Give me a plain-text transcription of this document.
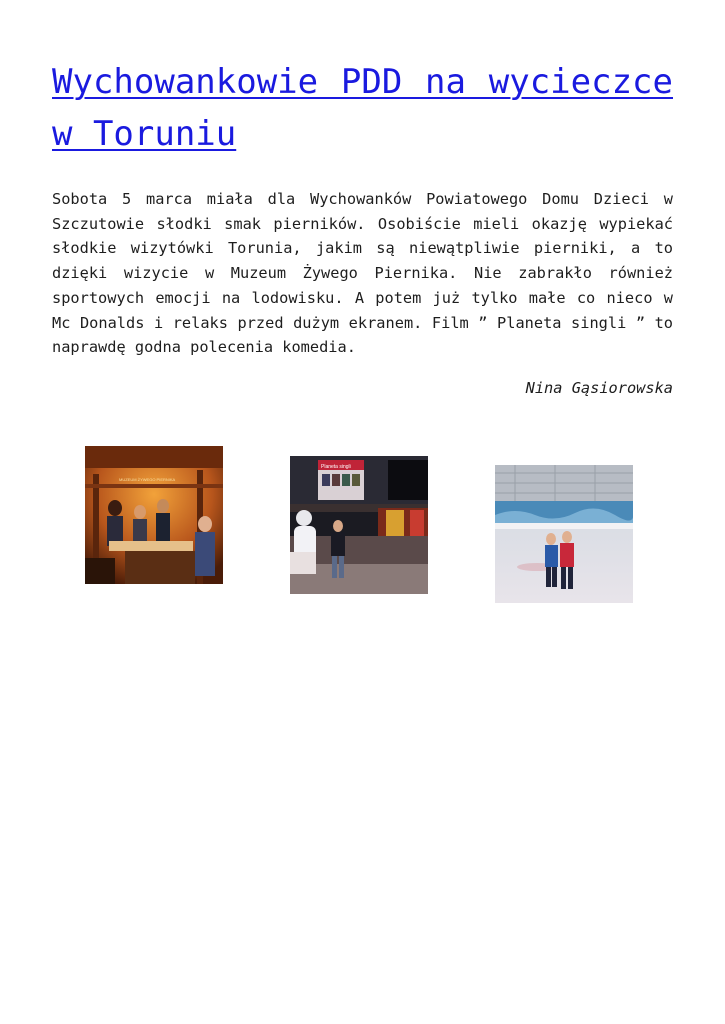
Wychowankowie PDD na wycieczce w Toruniu

Sobota 5 marca miała dla Wychowanków Powiatowego Domu Dzieci w Szczutowie słodki smak pierników. Osobiście mieli okazję wypiekać słodkie wizytówki Torunia, jakim są niewątpliwie pierniki, a to dzięki wizycie w Muzeum Żywego Piernika. Nie zabrakło również sportowych emocji na lodowisku. A potem już tylko małe co nieco w Mc Donalds i relaks przed dużym ekranem. Film ” Planeta singli ” to naprawdę godna polecenia komedia.

Nina Gąsiorowska

MUZEUM ŻYWEGO PIERNIKA
Planeta singli
